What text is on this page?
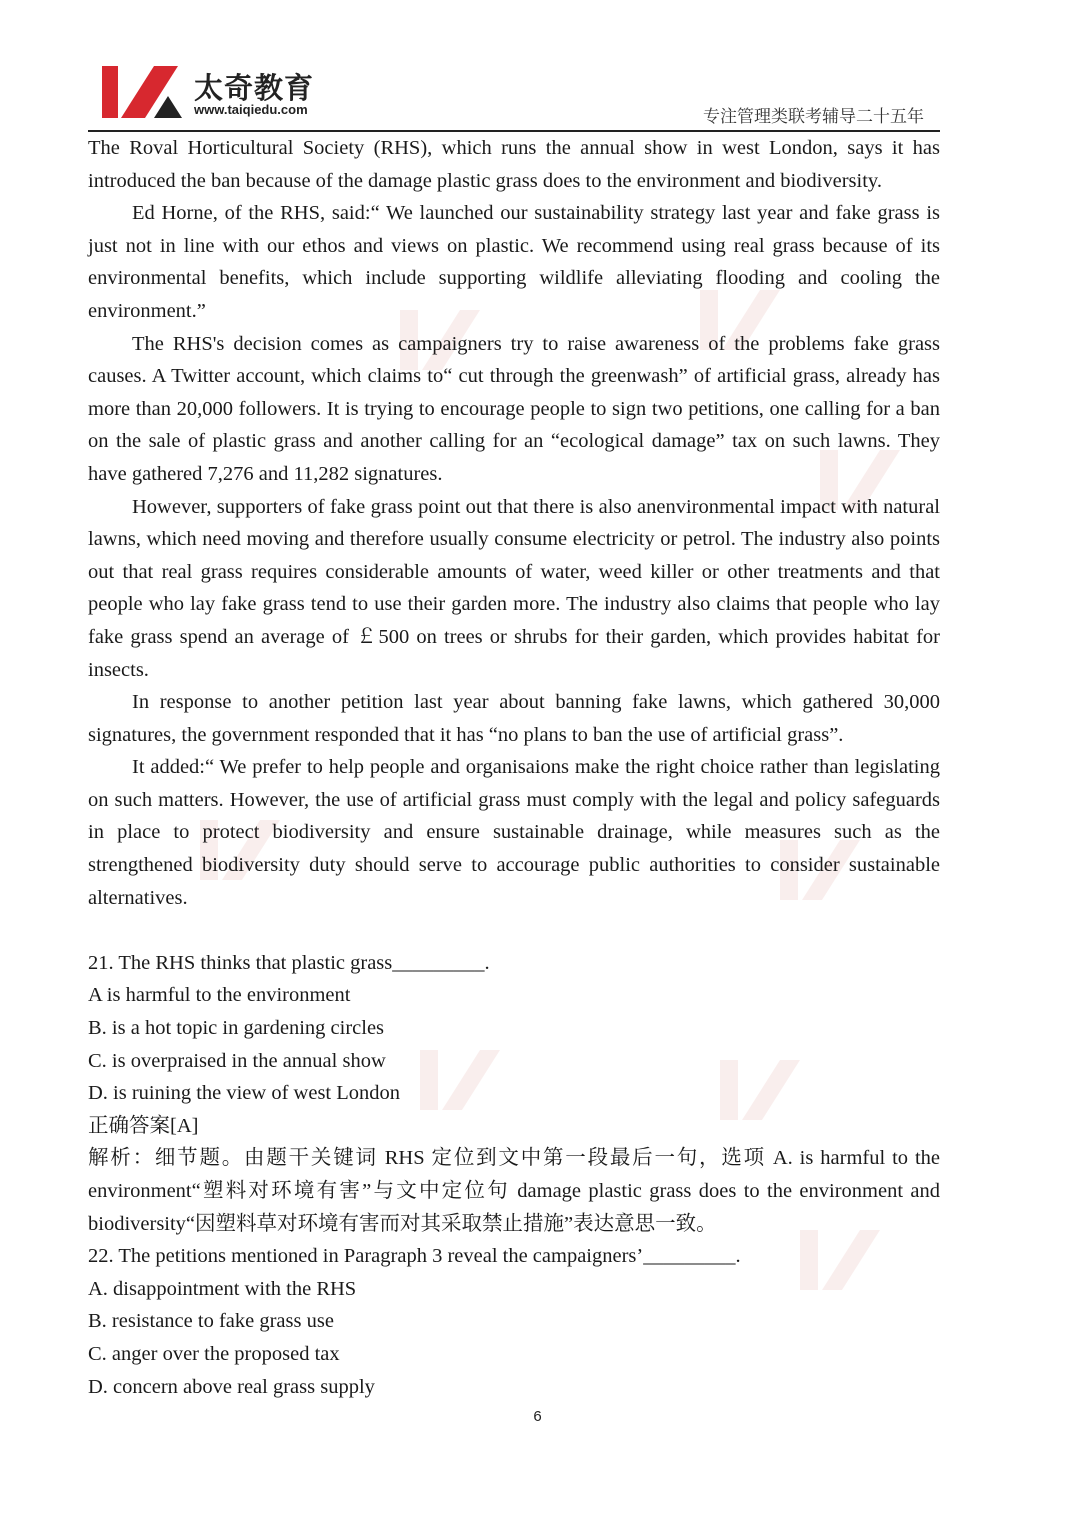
太奇教育
www.taiqiedu.com	专注管理类联考辅导二十五年

The Roval Horticultural Society (RHS), which runs the annual show in west London, says it has introduced the ban because of the damage plastic grass does to the environment and biodiversity.

Ed Horne, of the RHS, said:“ We launched our sustainability strategy last year and fake grass is just not in line with our ethos and views on plastic. We recommend using real grass because of its environmental benefits, which include supporting wildlife alleviating flooding and cooling the environment.”

The RHS's decision comes as campaigners try to raise awareness of the problems fake grass causes. A Twitter account, which claims to“ cut through the greenwash” of artificial grass, already has more than 20,000 followers. It is trying to encourage people to sign two petitions, one calling for a ban on the sale of plastic grass and another calling for an “ecological damage” tax on such lawns. They have gathered 7,276 and 11,282 signatures.

However, supporters of fake grass point out that there is also anenvironmental impact with natural lawns, which need moving and therefore usually consume electricity or petrol. The industry also points out that real grass requires considerable amounts of water, weed killer or other treatments and that people who lay fake grass tend to use their garden more. The industry also claims that people who lay fake grass spend an average of ￡500 on trees or shrubs for their garden, which provides habitat for insects.

In response to another petition last year about banning fake lawns, which gathered 30,000 signatures, the government responded that it has “no plans to ban the use of artificial grass”.

It added:“ We prefer to help people and organisaions make the right choice rather than legislating on such matters. However, the use of artificial grass must comply with the legal and policy safeguards in place to protect biodiversity and ensure sustainable drainage, while measures such as the strengthened biodiversity duty should serve to accourage public authorities to consider sustainable alternatives.

21. The RHS thinks that plastic grass_________.

A is harmful to the environment

B. is a hot topic in gardening circles

C. is overpraised in the annual show

D. is ruining the view of west London

正确答案[A]

解析：细节题。由题干关键词 RHS 定位到文中第一段最后一句，选项 A. is harmful to the environment“塑料对环境有害”与文中定位句 damage plastic grass does to the environment and biodiversity“因塑料草对环境有害而对其采取禁止措施”表达意思一致。

22. The petitions mentioned in Paragraph 3 reveal the campaigners’_________.

A. disappointment with the RHS

B. resistance to fake grass use

C. anger over the proposed tax

D. concern above real grass supply

6
